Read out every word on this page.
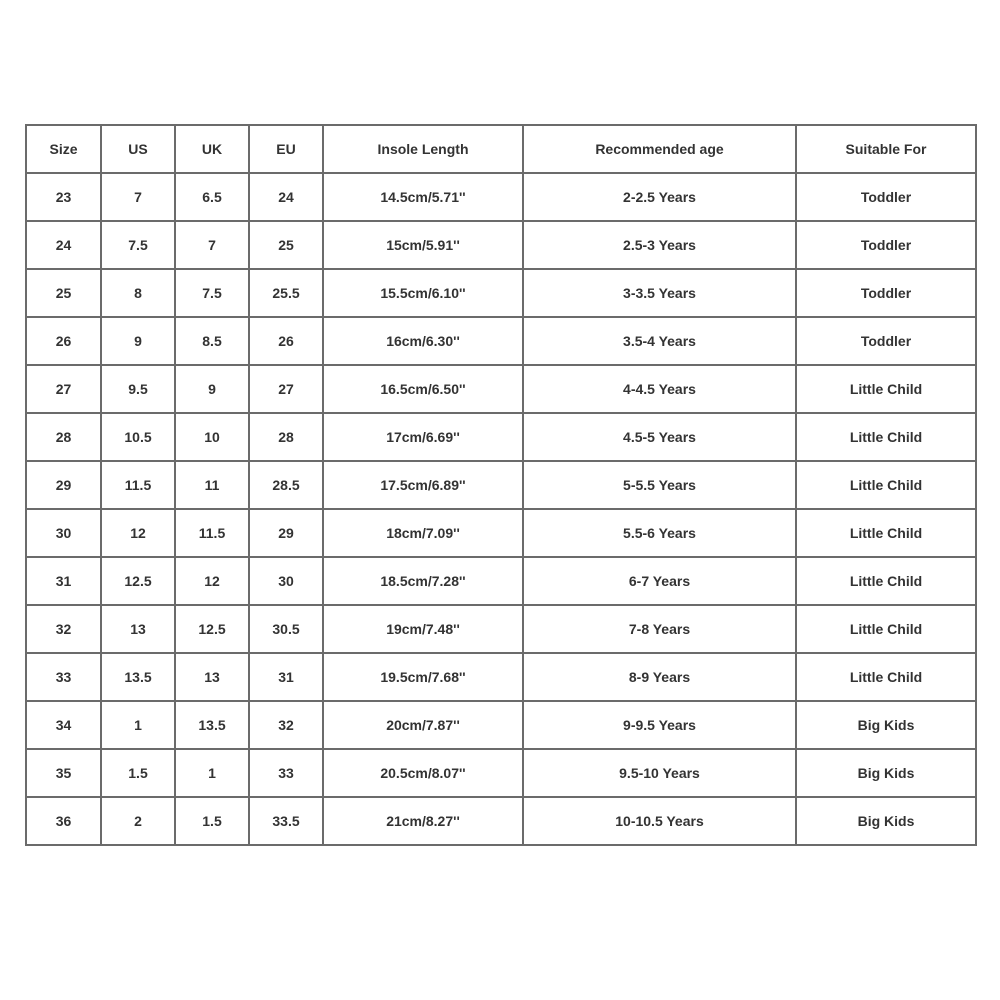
Size	US	UK	EU	Insole Length	Recommended age	Suitable For
23	7	6.5	24	14.5cm/5.71''	2-2.5 Years	Toddler
24	7.5	7	25	15cm/5.91''	2.5-3 Years	Toddler
25	8	7.5	25.5	15.5cm/6.10''	3-3.5 Years	Toddler
26	9	8.5	26	16cm/6.30''	3.5-4 Years	Toddler
27	9.5	9	27	16.5cm/6.50''	4-4.5 Years	Little Child
28	10.5	10	28	17cm/6.69''	4.5-5 Years	Little Child
29	11.5	11	28.5	17.5cm/6.89''	5-5.5 Years	Little Child
30	12	11.5	29	18cm/7.09''	5.5-6 Years	Little Child
31	12.5	12	30	18.5cm/7.28''	6-7 Years	Little Child
32	13	12.5	30.5	19cm/7.48''	7-8 Years	Little Child
33	13.5	13	31	19.5cm/7.68''	8-9 Years	Little Child
34	1	13.5	32	20cm/7.87''	9-9.5 Years	Big Kids
35	1.5	1	33	20.5cm/8.07''	9.5-10 Years	Big Kids
36	2	1.5	33.5	21cm/8.27''	10-10.5 Years	Big Kids
